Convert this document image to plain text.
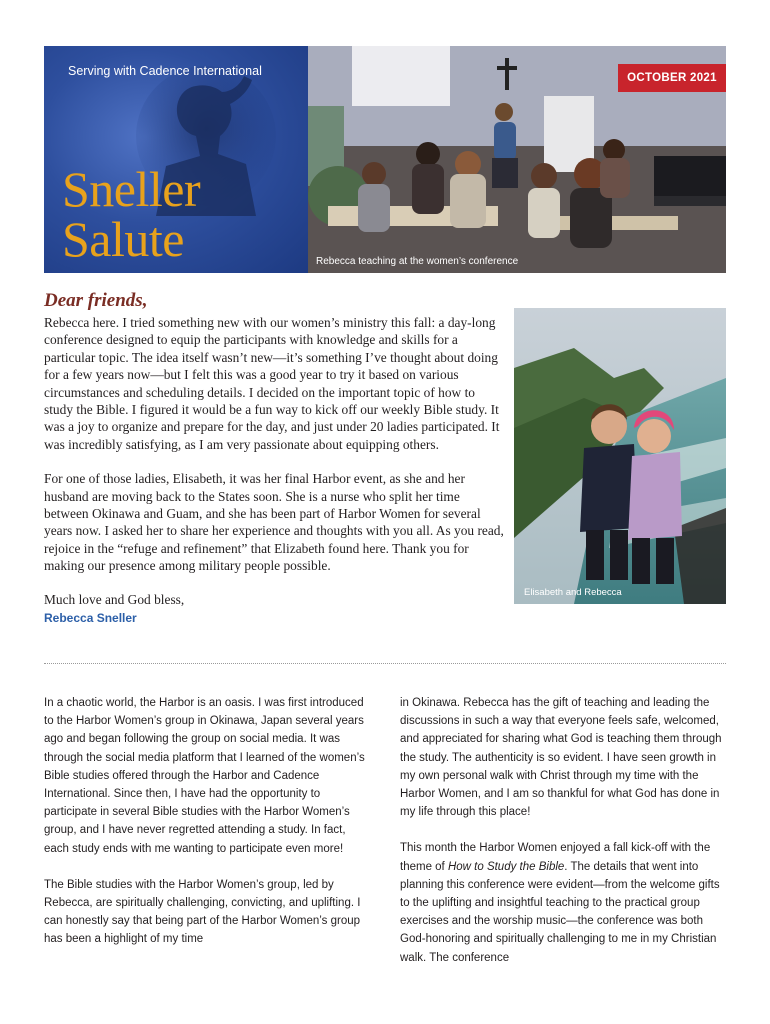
Serving with Cadence International
Sneller
Salute
OCTOBER 2021
Rebecca teaching at the women’s conference
Dear friends,

Rebecca here. I tried something new with our women’s ministry this fall: a day-long conference designed to equip the participants with knowledge and skills for a particular topic. The idea itself wasn’t new—it’s something I’ve thought about doing for a few years now—but I felt this was a good year to try it based on various circumstances and scheduling details. I decided on the important topic of how to study the Bible. I figured it would be a fun way to kick off our weekly Bible study. It was a joy to organize and prepare for the day, and just under 20 ladies participated. It was incredibly satisfying, as I am very passionate about equipping others.

For one of those ladies, Elisabeth, it was her final Harbor event, as she and her husband are moving back to the States soon. She is a nurse who split her time between Okinawa and Guam, and she has been part of Harbor Women for several years now. I asked her to share her experience and thoughts with you all. As you read, rejoice in the “refuge and refinement” that Elizabeth found here. Thank you for making our presence among military people possible.

Much love and God bless,
Rebecca Sneller
Elisabeth and Rebecca

In a chaotic world, the Harbor is an oasis. I was first introduced to the Harbor Women’s group in Okinawa, Japan several years ago and began following the group on social media. It was through the social media platform that I learned of the women’s Bible studies offered through the Harbor and Cadence International. Since then, I have had the opportunity to participate in several Bible studies with the Harbor Women’s group, and I have never regretted attending a study. In fact, each study ends with me wanting to participate even more!

The Bible studies with the Harbor Women’s group, led by Rebecca, are spiritually challenging, convicting, and uplifting. I can honestly say that being part of the Harbor Women’s group has been a highlight of my time

in Okinawa. Rebecca has the gift of teaching and leading the discussions in such a way that everyone feels safe, welcomed, and appreciated for sharing what God is teaching them through the study. The authenticity is so evident. I have seen growth in my own personal walk with Christ through my time with the Harbor Women, and I am so thankful for what God has done in my life through this place!

This month the Harbor Women enjoyed a fall kick-off with the theme of How to Study the Bible. The details that went into planning this conference were evident—from the welcome gifts to the uplifting and insightful teaching to the practical group exercises and the worship music—the conference was both God-honoring and spiritually challenging to me in my Christian walk. The conference
